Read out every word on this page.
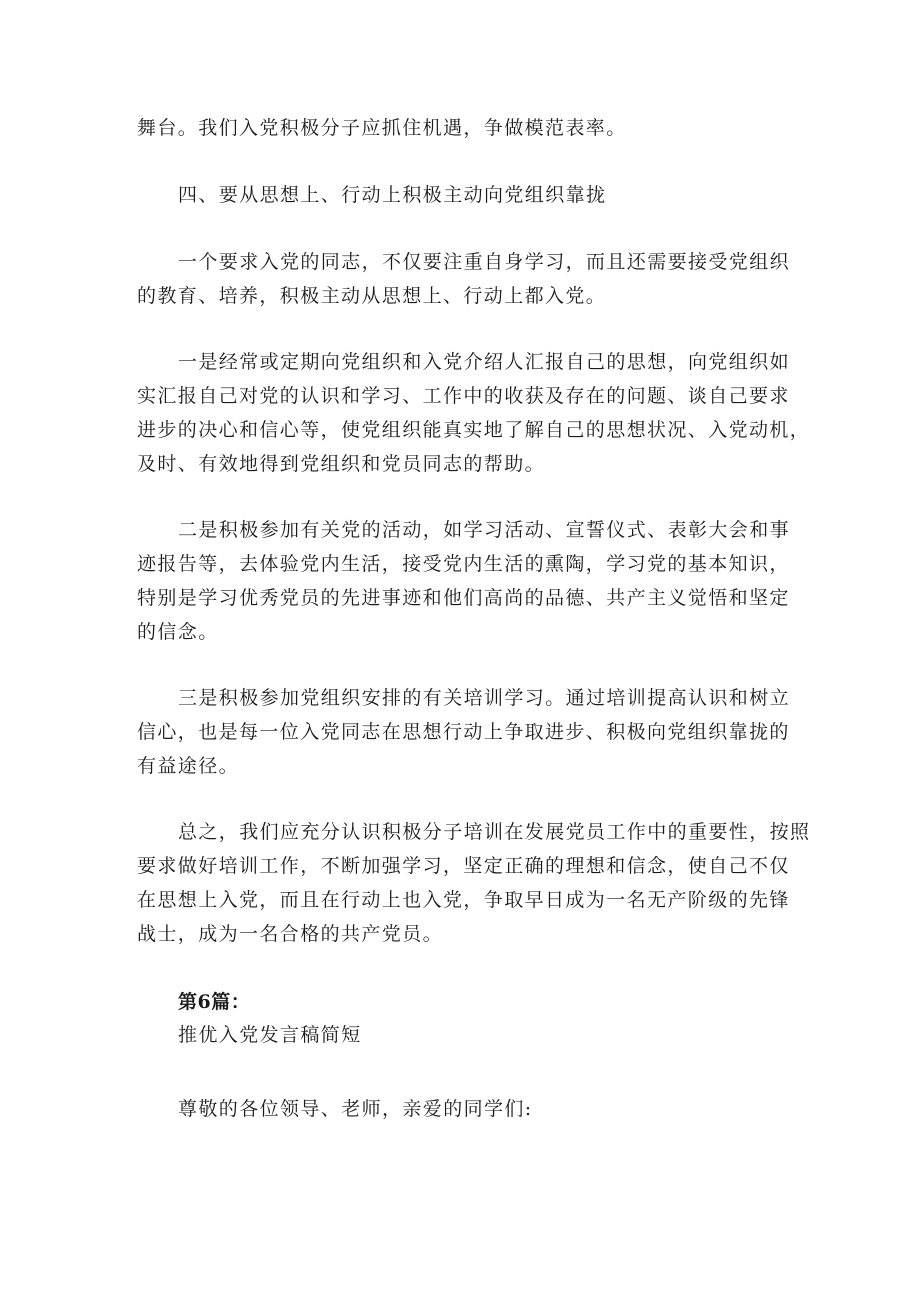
舞台。我们入党积极分子应抓住机遇，争做模范表率。
四、要从思想上、行动上积极主动向党组织靠拢
一个要求入党的同志，不仅要注重自身学习，而且还需要接受党组织
的教育、培养，积极主动从思想上、行动上都入党。
一是经常或定期向党组织和入党介绍人汇报自己的思想，向党组织如
实汇报自己对党的认识和学习、工作中的收获及存在的问题、谈自己要求
进步的决心和信心等，使党组织能真实地了解自己的思想状况、入党动机，
及时、有效地得到党组织和党员同志的帮助。
二是积极参加有关党的活动，如学习活动、宣誓仪式、表彰大会和事
迹报告等，去体验党内生活，接受党内生活的熏陶，学习党的基本知识，
特别是学习优秀党员的先进事迹和他们高尚的品德、共产主义觉悟和坚定
的信念。
三是积极参加党组织安排的有关培训学习。通过培训提高认识和树立
信心，也是每一位入党同志在思想行动上争取进步、积极向党组织靠拢的
有益途径。
总之，我们应充分认识积极分子培训在发展党员工作中的重要性，按照
要求做好培训工作，不断加强学习，坚定正确的理想和信念，使自己不仅
在思想上入党，而且在行动上也入党，争取早日成为一名无产阶级的先锋
战士，成为一名合格的共产党员。
第6篇：
推优入党发言稿简短
尊敬的各位领导、老师，亲爱的同学们:
